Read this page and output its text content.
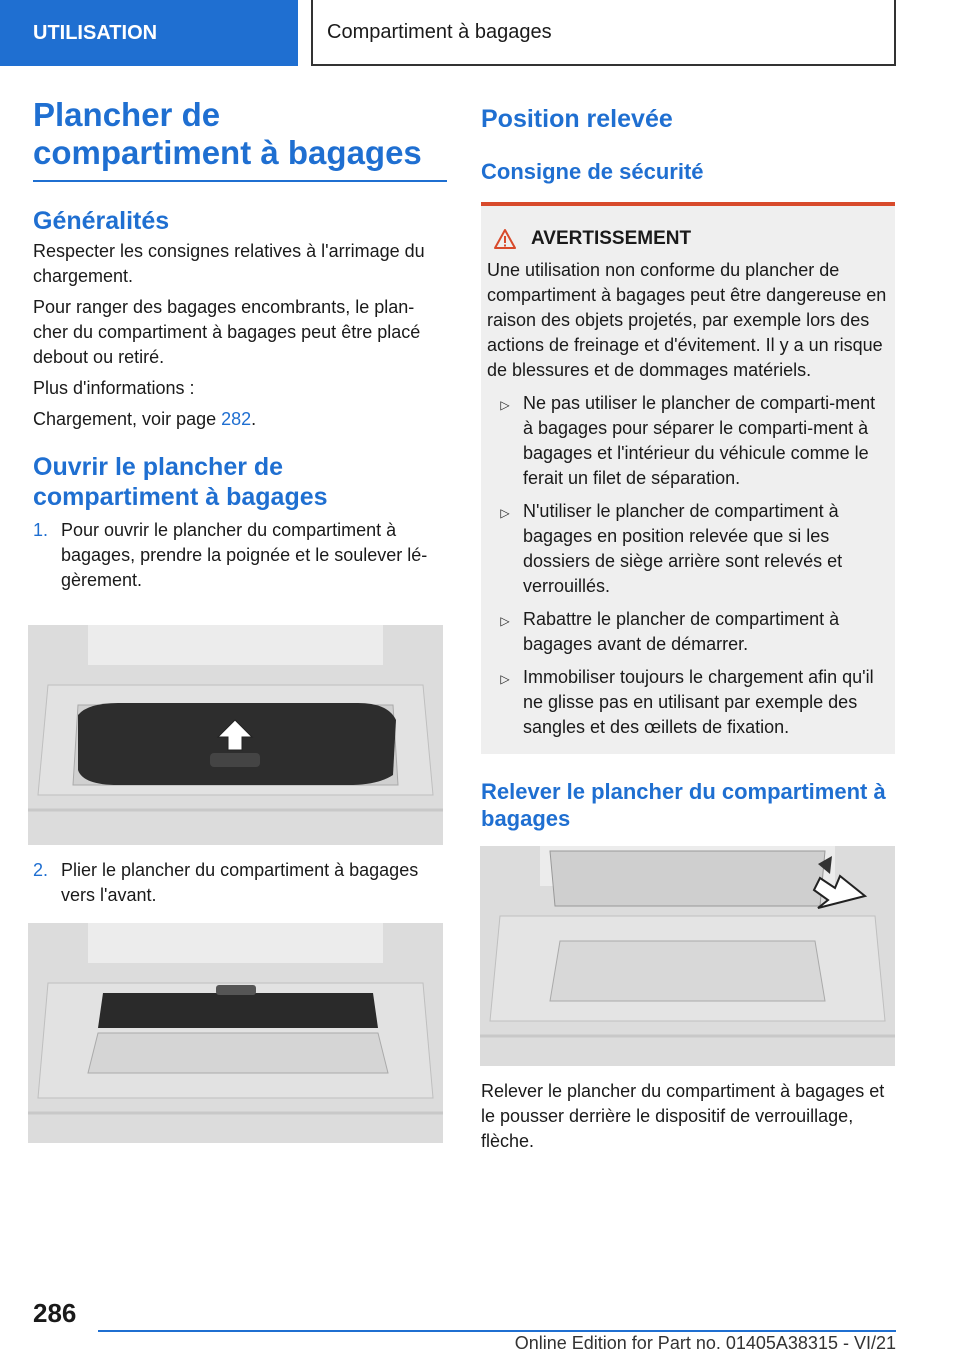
UTILISATION	Compartiment à bagages
Plancher de compartiment à bagages
Généralités

Respecter les consignes relatives à l'arrimage du chargement.

Pour ranger des bagages encombrants, le plan-cher du compartiment à bagages peut être placé debout ou retiré.

Plus d'informations :

Chargement, voir page 282.

Ouvrir le plancher de compartiment à bagages
1. Pour ouvrir le plancher du compartiment à bagages, prendre la poignée et le soulever lé-gèrement.
2. Plier le plancher du compartiment à bagages vers l'avant.
Position relevée
Consigne de sécurité
AVERTISSEMENT

Une utilisation non conforme du plancher de compartiment à bagages peut être dangereuse en raison des objets projetés, par exemple lors des actions de freinage et d'évitement. Il y a un risque de blessures et de dommages matériels.

▷ Ne pas utiliser le plancher de comparti-ment à bagages pour séparer le comparti-ment à bagages et l'intérieur du véhicule comme le ferait un filet de séparation.
▷ N'utiliser le plancher de compartiment à bagages en position relevée que si les dossiers de siège arrière sont relevés et verrouillés.
▷ Rabattre le plancher de compartiment à bagages avant de démarrer.
▷ Immobiliser toujours le chargement afin qu'il ne glisse pas en utilisant par exemple des sangles et des œillets de fixation.
Relever le plancher du compartiment à bagages

Relever le plancher du compartiment à bagages et le pousser derrière le dispositif de verrouillage, flèche.

286
Online Edition for Part no. 01405A38315 - VI/21
